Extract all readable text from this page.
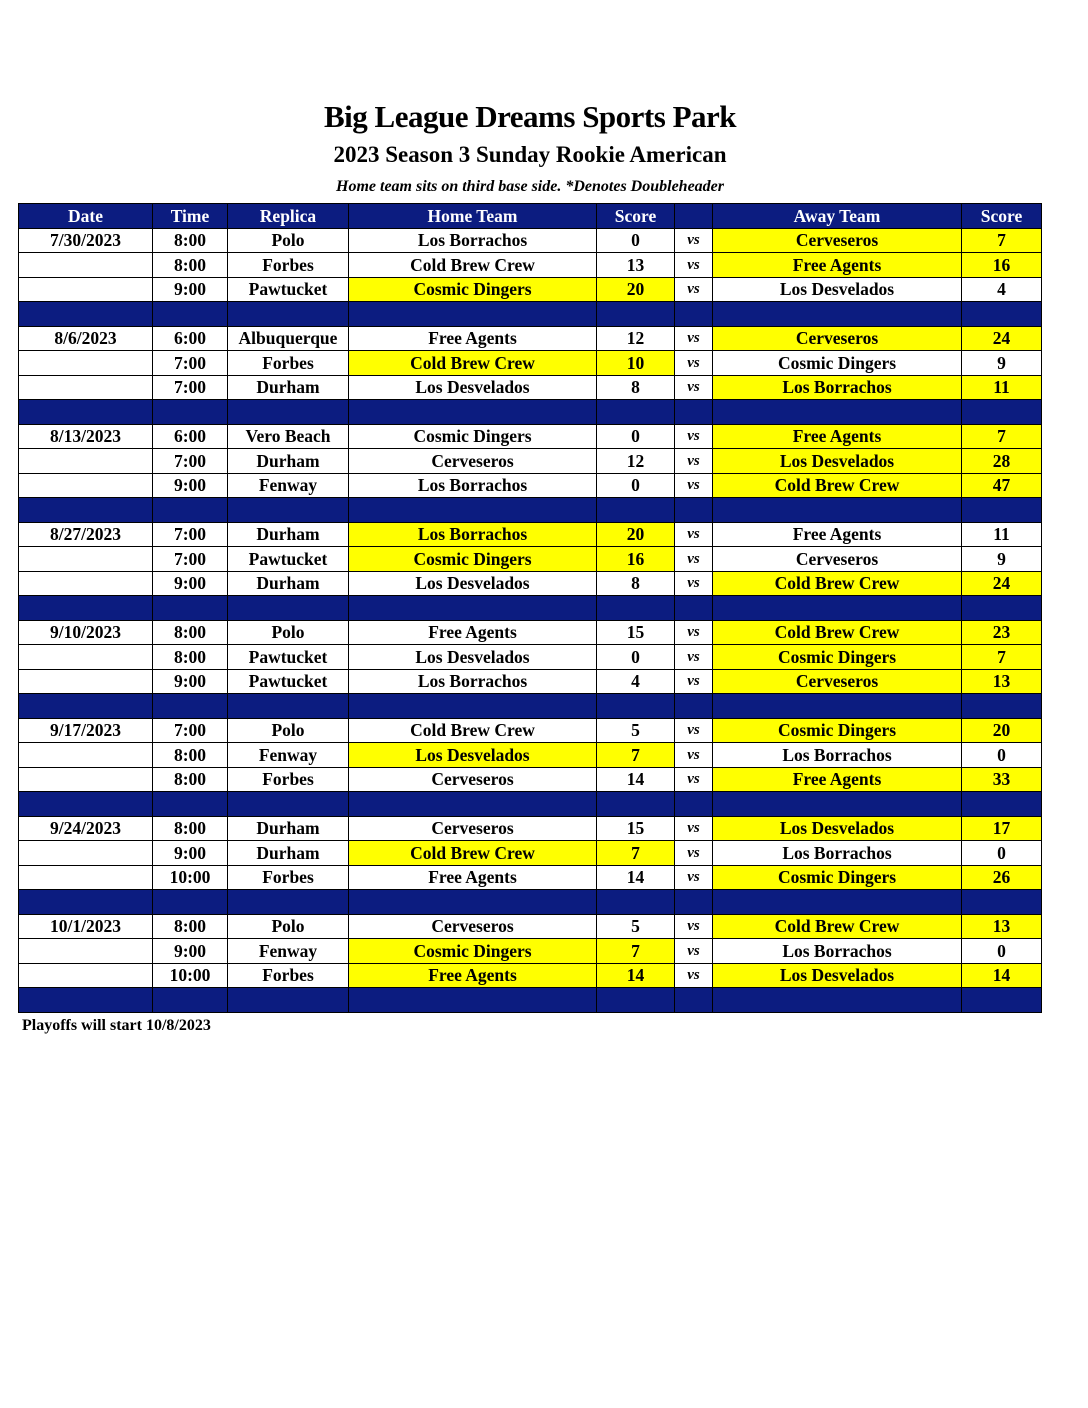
Big League Dreams Sports Park
2023 Season 3 Sunday Rookie American
Home team sits on third base side. *Denotes Doubleheader
Date	Time	Replica	Home Team	Score		Away Team	Score
7/30/2023	8:00	Polo	Los Borrachos	0	vs	Cerveseros	7
	8:00	Forbes	Cold Brew Crew	13	vs	Free Agents	16
	9:00	Pawtucket	Cosmic Dingers	20	vs	Los Desvelados	4

8/6/2023	6:00	Albuquerque	Free Agents	12	vs	Cerveseros	24
	7:00	Forbes	Cold Brew Crew	10	vs	Cosmic Dingers	9
	7:00	Durham	Los Desvelados	8	vs	Los Borrachos	11

8/13/2023	6:00	Vero Beach	Cosmic Dingers	0	vs	Free Agents	7
	7:00	Durham	Cerveseros	12	vs	Los Desvelados	28
	9:00	Fenway	Los Borrachos	0	vs	Cold Brew Crew	47

8/27/2023	7:00	Durham	Los Borrachos	20	vs	Free Agents	11
	7:00	Pawtucket	Cosmic Dingers	16	vs	Cerveseros	9
	9:00	Durham	Los Desvelados	8	vs	Cold Brew Crew	24

9/10/2023	8:00	Polo	Free Agents	15	vs	Cold Brew Crew	23
	8:00	Pawtucket	Los Desvelados	0	vs	Cosmic Dingers	7
	9:00	Pawtucket	Los Borrachos	4	vs	Cerveseros	13

9/17/2023	7:00	Polo	Cold Brew Crew	5	vs	Cosmic Dingers	20
	8:00	Fenway	Los Desvelados	7	vs	Los Borrachos	0
	8:00	Forbes	Cerveseros	14	vs	Free Agents	33

9/24/2023	8:00	Durham	Cerveseros	15	vs	Los Desvelados	17
	9:00	Durham	Cold Brew Crew	7	vs	Los Borrachos	0
	10:00	Forbes	Free Agents	14	vs	Cosmic Dingers	26

10/1/2023	8:00	Polo	Cerveseros	5	vs	Cold Brew Crew	13
	9:00	Fenway	Cosmic Dingers	7	vs	Los Borrachos	0
	10:00	Forbes	Free Agents	14	vs	Los Desvelados	14

Playoffs will start 10/8/2023
